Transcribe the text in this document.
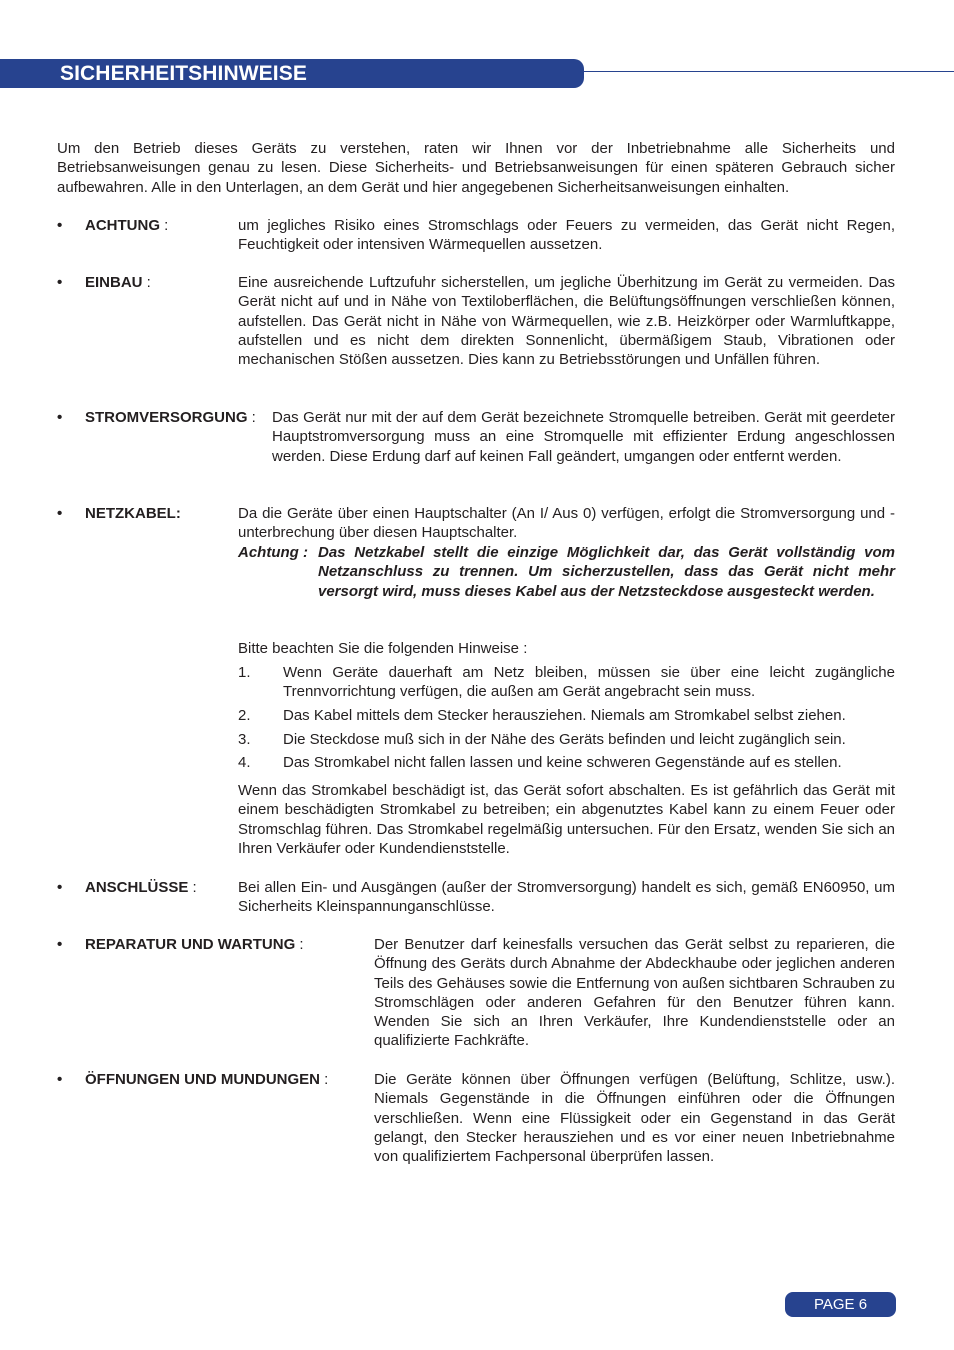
SICHERHEITSHINWEISE

Um den Betrieb dieses Geräts zu verstehen, raten wir Ihnen vor der Inbetriebnahme alle Sicherheits und Betriebsanweisungen genau zu lesen. Diese Sicherheits- und Betriebsanweisungen für einen späteren Gebrauch sicher aufbewahren. Alle in den Unterlagen, an dem Gerät und hier angegebenen Sicherheitsanweisungen einhalten.

• ACHTUNG :	um jegliches Risiko eines Stromschlags oder Feuers zu vermeiden, das Gerät nicht Regen, Feuchtigkeit oder intensiven Wärmequellen aussetzen.

• EINBAU :	Eine ausreichende Luftzufuhr sicherstellen, um jegliche Überhitzung im Gerät zu vermeiden. Das Gerät nicht auf und in Nähe von Textiloberflächen, die Belüftungsöffnungen verschließen können, aufstellen. Das Gerät nicht in Nähe von Wärmequellen, wie z.B. Heizkörper oder Warmluftkappe, aufstellen und es nicht dem direkten Sonnenlicht, übermäßigem Staub, Vibrationen oder mechanischen Stößen aussetzen. Dies kann zu Betriebsstörungen und Unfällen führen.

• STROMVERSORGUNG : Das Gerät nur mit der auf dem Gerät bezeichnete Stromquelle betreiben. Gerät mit geerdeter Hauptstromversorgung muss an eine Stromquelle mit effizienter Erdung angeschlossen werden. Diese Erdung darf auf keinen Fall geändert, umgangen oder entfernt werden.

• NETZKABEL:	Da die Geräte über einen Hauptschalter (An I/ Aus 0) verfügen, erfolgt die Stromversorgung und -unterbrechung über diesen Hauptschalter.

Achtung : Das Netzkabel stellt die einzige Möglichkeit dar, das Gerät vollständig vom Netzanschluss zu trennen. Um sicherzustellen, dass das Gerät nicht mehr versorgt wird, muss dieses Kabel aus der Netzsteckdose ausgesteckt werden.

Bitte beachten Sie die folgenden Hinweise :
1. Wenn Geräte dauerhaft am Netz bleiben, müssen sie über eine leicht zugängliche Trennvorrichtung verfügen, die außen am Gerät angebracht sein muss.

2. Das Kabel mittels dem Stecker herausziehen. Niemals am Stromkabel selbst ziehen.

3. Die Steckdose muß sich in der Nähe des Geräts befinden und leicht zugänglich sein.

4. Das Stromkabel nicht fallen lassen und keine schweren Gegenstände auf es stellen.

Wenn das Stromkabel beschädigt ist, das Gerät sofort abschalten. Es ist gefährlich das Gerät mit einem beschädigten Stromkabel zu betreiben; ein abgenutztes Kabel kann zu einem Feuer oder Stromschlag führen. Das Stromkabel regelmäßig untersuchen. Für den Ersatz, wenden Sie sich an Ihren Verkäufer oder Kundendienststelle.

• ANSCHLÜSSE :	Bei allen Ein- und Ausgängen (außer der Stromversorgung) handelt es sich, gemäß EN60950, um Sicherheits Kleinspannunganschlüsse.

• REPARATUR UND WARTUNG :	Der Benutzer darf keinesfalls versuchen das Gerät selbst zu reparieren, die Öffnung des Geräts durch Abnahme der Abdeckhaube oder jeglichen anderen Teils des Gehäuses sowie die Entfernung von außen sichtbaren Schrauben zu Stromschlägen oder anderen Gefahren für den Benutzer führen kann. Wenden Sie sich an Ihren Verkäufer, Ihre Kundendienststelle oder an qualifizierte Fachkräfte.

• ÖFFNUNGEN UND MUNDUNGEN :	Die Geräte können über Öffnungen verfügen (Belüftung, Schlitze, usw.). Niemals Gegenstände in die Öffnungen einführen oder die Öffnungen verschließen. Wenn eine Flüssigkeit oder ein Gegenstand in das Gerät gelangt, den Stecker herausziehen und es vor einer neuen Inbetriebnahme von qualifiziertem Fachpersonal überprüfen lassen.

PAGE 6
